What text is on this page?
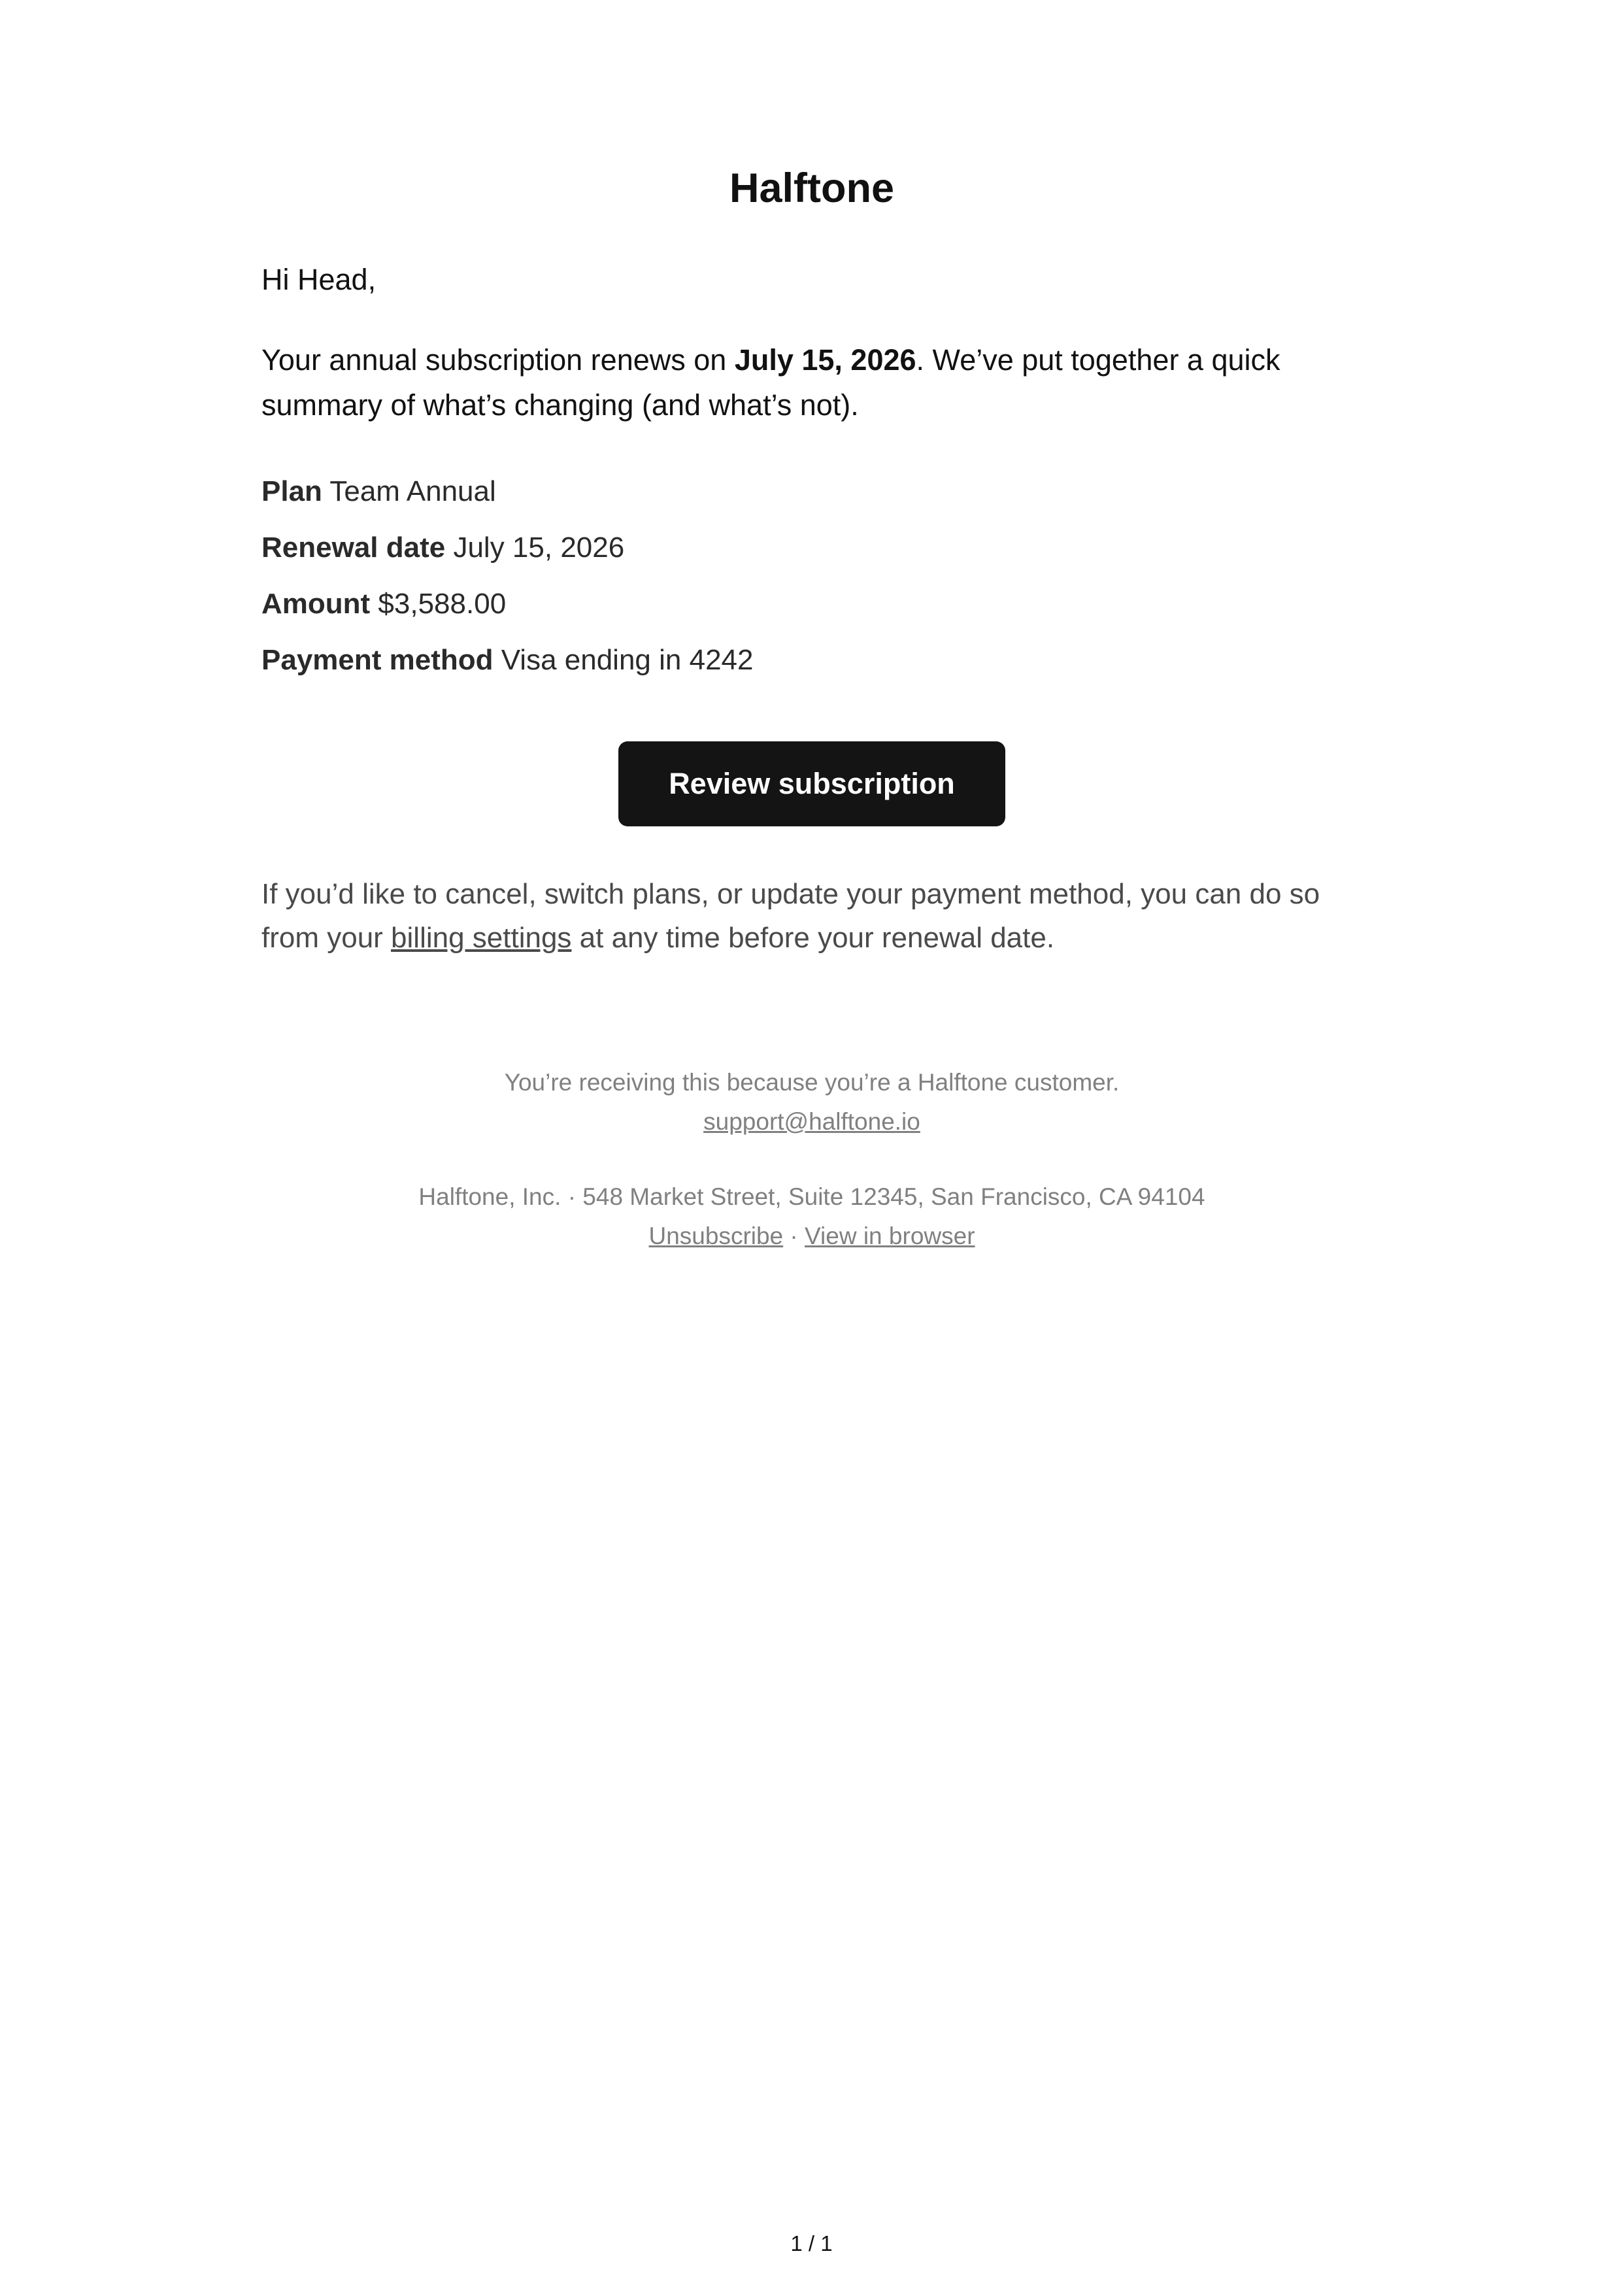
Halftone
Hi Head,
Your annual subscription renews on July 15, 2026. We’ve put together a quick summary of what’s changing (and what’s not).
Plan Team Annual
Renewal date July 15, 2026
Amount $3,588.00
Payment method Visa ending in 4242
Review subscription
If you’d like to cancel, switch plans, or update your payment method, you can do so from your billing settings at any time before your renewal date.
You’re receiving this because you’re a Halftone customer.
support@halftone.io
Halftone, Inc. · 548 Market Street, Suite 12345, San Francisco, CA 94104
Unsubscribe · View in browser
1 / 1
